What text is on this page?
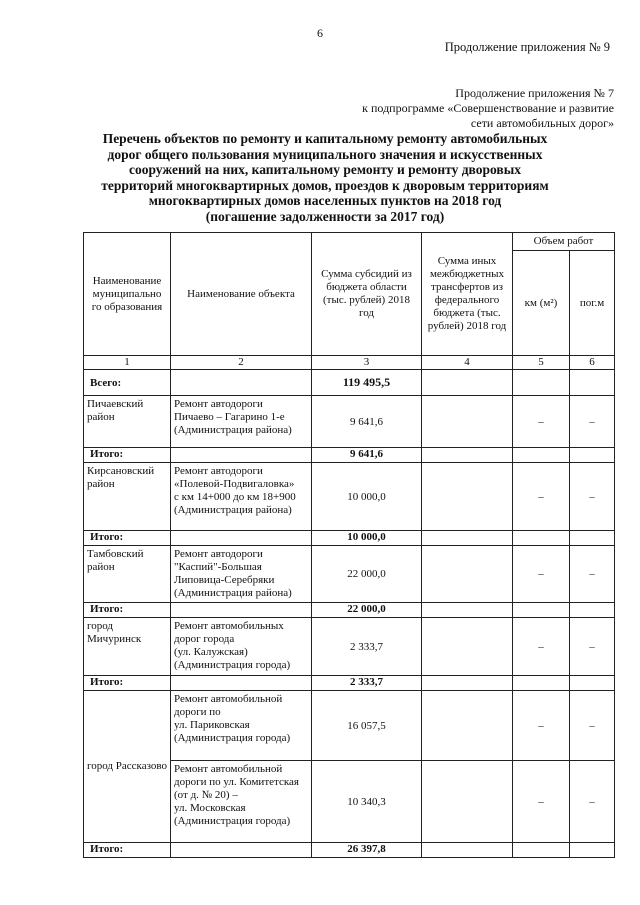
6
Продолжение приложения № 9
Продолжение приложения № 7
к подпрограмме «Совершенствование и развитие
сети автомобильных дорог»
Перечень объектов по ремонту и капитальному ремонту автомобильных
дорог общего пользования муниципального значения и искусственных
сооружений на них, капитальному ремонту и ремонту дворовых
территорий многоквартирных домов, проездов к дворовым территориям
многоквартирных домов населенных пунктов на 2018 год
(погашение задолженности за 2017 год)
Наименование муниципально го образования	Наименование объекта	Сумма субсидий из бюджета области (тыс. рублей) 2018 год	Сумма иных межбюджетных трансфертов из федерального бюджета (тыс. рублей) 2018 год	Объем работ	
				км (м²)	пог.м
1	2	3	4	5	6
Всего:		119 495,5			
Пичаевский район	Ремонт автодороги
Пичаево – Гагарино 1-е
(Администрация района)	9 641,6		–	–
Итого:		9 641,6			
Кирсановский район	Ремонт автодороги
«Полевой-Подвигаловка»
с км 14+000 до км 18+900
(Администрация района)	10 000,0		–	–
Итого:		10 000,0			
Тамбовский район	Ремонт автодороги
"Каспий"-Большая
Липовица-Серебряки
(Администрация района)	22 000,0		–	–
Итого:		22 000,0			
город Мичуринск	Ремонт автомобильных
дорог города
(ул. Калужская)
(Администрация города)	2 333,7		–	–
Итого:		2 333,7			
город Рассказово	Ремонт автомобильной
дороги по
ул. Париковская
(Администрация города)	16 057,5		–	–

	Ремонт автомобильной
дороги по ул. Комитетская
(от д. № 20) –
ул. Московская
(Администрация города)	10 340,3		–	–
Итого:		26 397,8			
